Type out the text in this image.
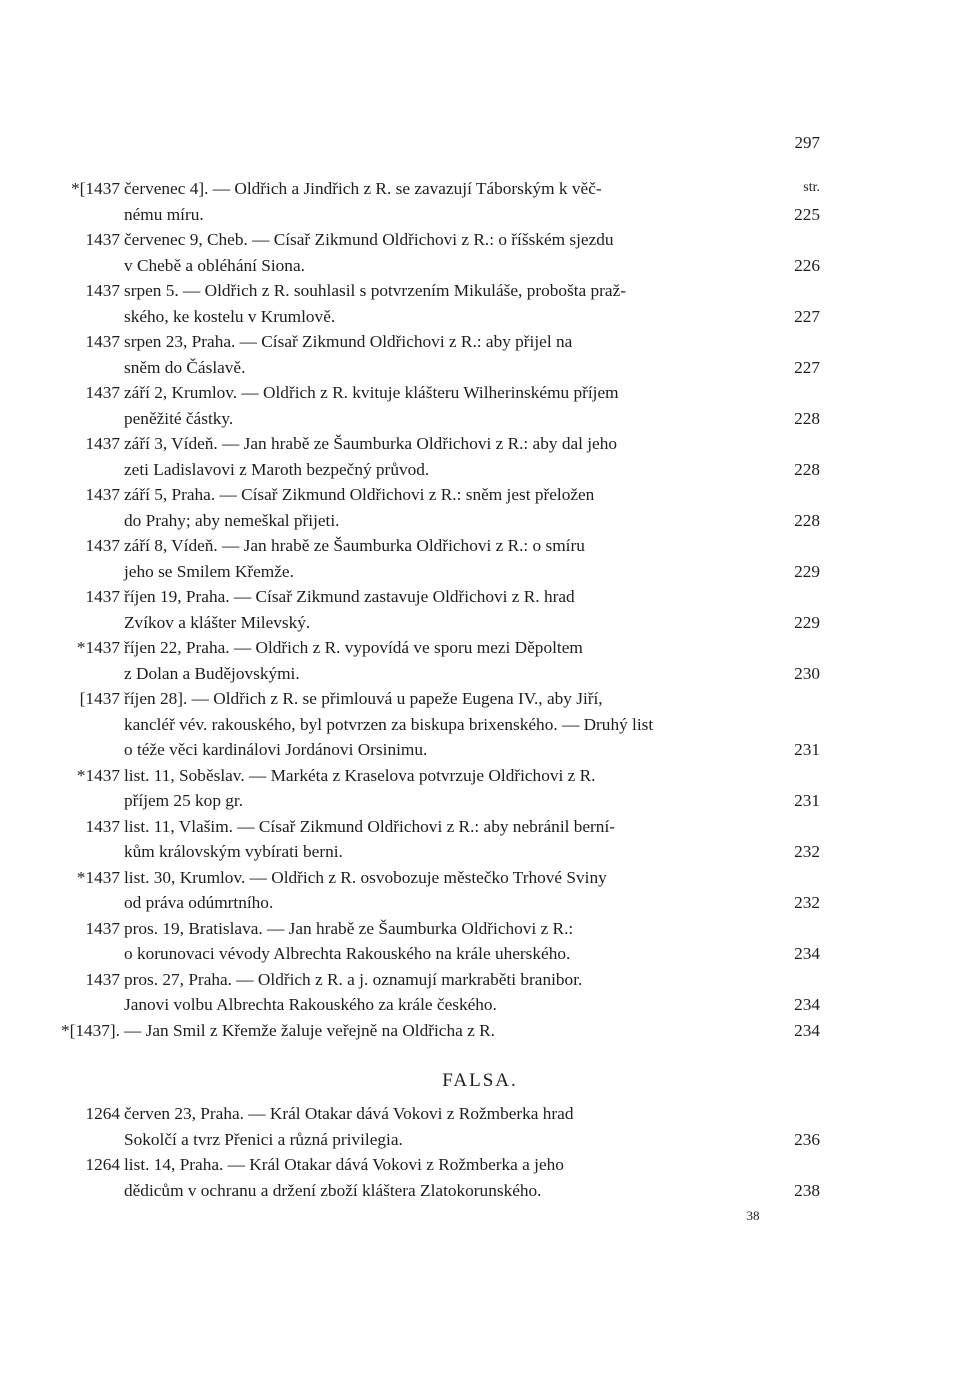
297
str.
*[1437 červenec 4]. — Oldřich a Jindřich z R. se zavazují Táborským k věč-
nému míru.	225
1437 červenec 9, Cheb. — Císař Zikmund Oldřichovi z R.: o říšském sjezdu
v Chebě a obléhání Siona.	226
1437 srpen 5. — Oldřich z R. souhlasil s potvrzením Mikuláše, proboštа praž-
ského, ke kostelu v Krumlově.	227
1437 srpen 23, Praha. — Císař Zikmund Oldřichovi z R.: aby přijel na
sněm do Čáslavě.	227
1437 září 2, Krumlov. — Oldřich z R. kvituje klášteru Wilherinskému příjem
peněžité částky.	228
1437 září 3, Vídeň. — Jan hrabě ze Šaumburka Oldřichovi z R.: aby dal jeho
zeti Ladislavovi z Maroth bezpečný průvod.	228
1437 září 5, Praha. — Císař Zikmund Oldřichovi z R.: sněm jest přeložen
do Prahy; aby nemeškal přijeti.	228
1437 září 8, Vídeň. — Jan hrabě ze Šaumburka Oldřichovi z R.: o smíru
jeho se Smilem Křemže.	229
1437 říjen 19, Praha. — Císař Zikmund zastavuje Oldřichovi z R. hrad
Zvíkov a klášter Milevský.	229
*1437 říjen 22, Praha. — Oldřich z R. vypovídá ve sporu mezi Děpoltem
z Dolan a Budějovskými.	230
[1437 říjen 28]. — Oldřich z R. se přimlouvá u papeže Eugena IV., aby Jiří,
kancléř vév. rakouského, byl potvrzen za biskupa brixenského. — Druhý list
o téže věci kardinálovi Jordánovi Orsinimu.	231
*1437 list. 11, Soběslav. — Markéta z Kraselova potvrzuje Oldřichovi z R.
příjem 25 kop gr.	231
1437 list. 11, Vlašim. — Císař Zikmund Oldřichovi z R.: aby nebránil berní-
kům královským vybírati berni.	232
*1437 list. 30, Krumlov. — Oldřich z R. osvobozuje městečko Trhové Sviny
od práva odúmrtního.	232
1437 pros. 19, Bratislava. — Jan hrabě ze Šaumburka Oldřichovi z R.:
o korunovaci vévody Albrechta Rakouského na krále uherského.	234
1437 pros. 27, Praha. — Oldřich z R. a j. oznamují markraběti branibor.
Janovi volbu Albrechta Rakouského za krále českého.	234
*[1437]. — Jan Smil z Křemže žaluje veřejně na Oldřicha z R.	234
FALSA.
1264 červen 23, Praha. — Král Otakar dává Vokovi z Rožmberka hrad
Sokolčí a tvrz Přenici a různá privilegia.	236
1264 list. 14, Praha. — Král Otakar dává Vokovi z Rožmberka a jeho
dědicům v ochranu a držení zboží kláštera Zlatokorunského.	238
38
